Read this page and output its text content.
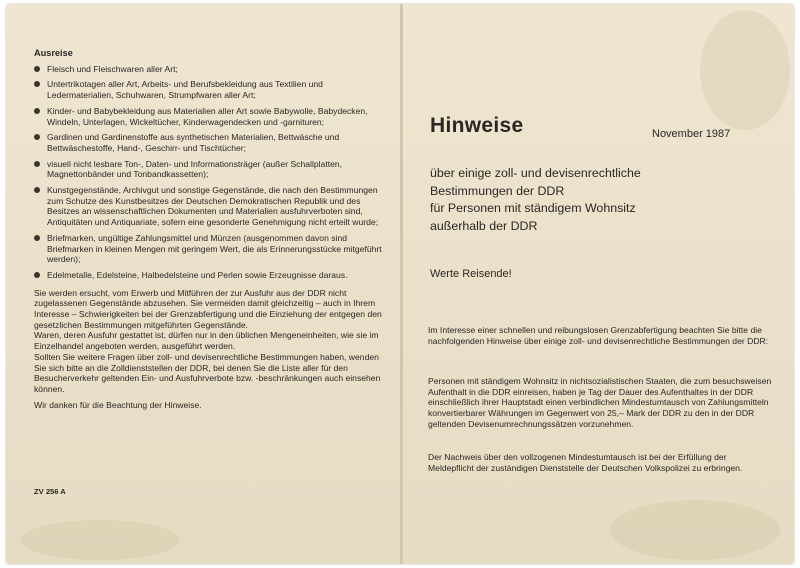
Ausreise
Fleisch und Fleischwaren aller Art;
Untertrikotagen aller Art, Arbeits- und Berufsbekleidung aus Textilien und Ledermaterialien, Schuhwaren, Strumpfwaren aller Art;
Kinder- und Babybekleidung aus Materialien aller Art sowie Babywolle, Babydecken, Windeln, Unterlagen, Wickeltücher, Kinderwagendecken und -garnituren;
Gardinen und Gardinenstoffe aus synthetischen Materialien, Bettwäsche und Bettwäschestoffe, Hand-, Geschirr- und Tischtücher;
visuell nicht lesbare Ton-, Daten- und Informationsträger (außer Schallplatten, Magnettonbänder und Tonbandkassetten);
Kunstgegenstände, Archivgut und sonstige Gegenstände, die nach den Bestimmungen zum Schutze des Kunstbesitzes der Deutschen Demokratischen Republik und des Besitzes an wissenschaftlichen Dokumenten und Materialien ausfuhrverboten sind, Antiquitäten und Antiquariate, sofern eine gesonderte Genehmigung nicht erteilt wurde;
Briefmarken, ungültige Zahlungsmittel und Münzen (ausgenommen davon sind Briefmarken in kleinen Mengen mit geringem Wert, die als Erinnerungsstücke mitgeführt werden);
Edelmetalle, Edelsteine, Halbedelsteine und Perlen sowie Erzeugnisse daraus.

Sie werden ersucht, vom Erwerb und Mitführen der zur Ausfuhr aus der DDR nicht zugelassenen Gegenstände abzusehen. Sie vermeiden damit gleichzeitig – auch in Ihrem Interesse – Schwierigkeiten bei der Grenzabfertigung und die Einziehung der entgegen den gesetzlichen Bestimmungen mitgeführten Gegenstände.

Waren, deren Ausfuhr gestattet ist, dürfen nur in den üblichen Mengeneinheiten, wie sie im Einzelhandel angeboten werden, ausgeführt werden.

Sollten Sie weitere Fragen über zoll- und devisenrechtliche Bestimmungen haben, wenden Sie sich bitte an die Zolldienststellen der DDR, bei denen Sie die Liste aller für den Besucherverkehr geltenden Ein- und Ausfuhrverbote bzw. -beschränkungen auch einsehen können.

Wir danken für die Beachtung der Hinweise.
ZV 256 A
Hinweise	November 1987
über einige zoll- und devisenrechtliche
Bestimmungen der DDR
für Personen mit ständigem Wohnsitz
außerhalb der DDR
Werte Reisende!
Im Interesse einer schnellen und reibungslosen Grenzabfertigung beachten Sie bitte die nachfolgenden Hinweise über einige zoll- und devisenrechtliche Bestimmungen der DDR:
Personen mit ständigem Wohnsitz in nichtsozialistischen Staaten, die zum besuchsweisen Aufenthalt in die DDR einreisen, haben je Tag der Dauer des Aufenthaltes in der DDR einschließlich ihrer Hauptstadt einen verbindlichen Mindestumtausch von Zahlungsmitteln konvertierbarer Währungen im Gegenwert von 25,– Mark der DDR zu den in der DDR geltenden Devisenumrechnungssätzen vorzunehmen.
Der Nachweis über den vollzogenen Mindestumtausch ist bei der Erfüllung der Meldepflicht der zuständigen Dienststelle der Deutschen Volkspolizei zu erbringen.
